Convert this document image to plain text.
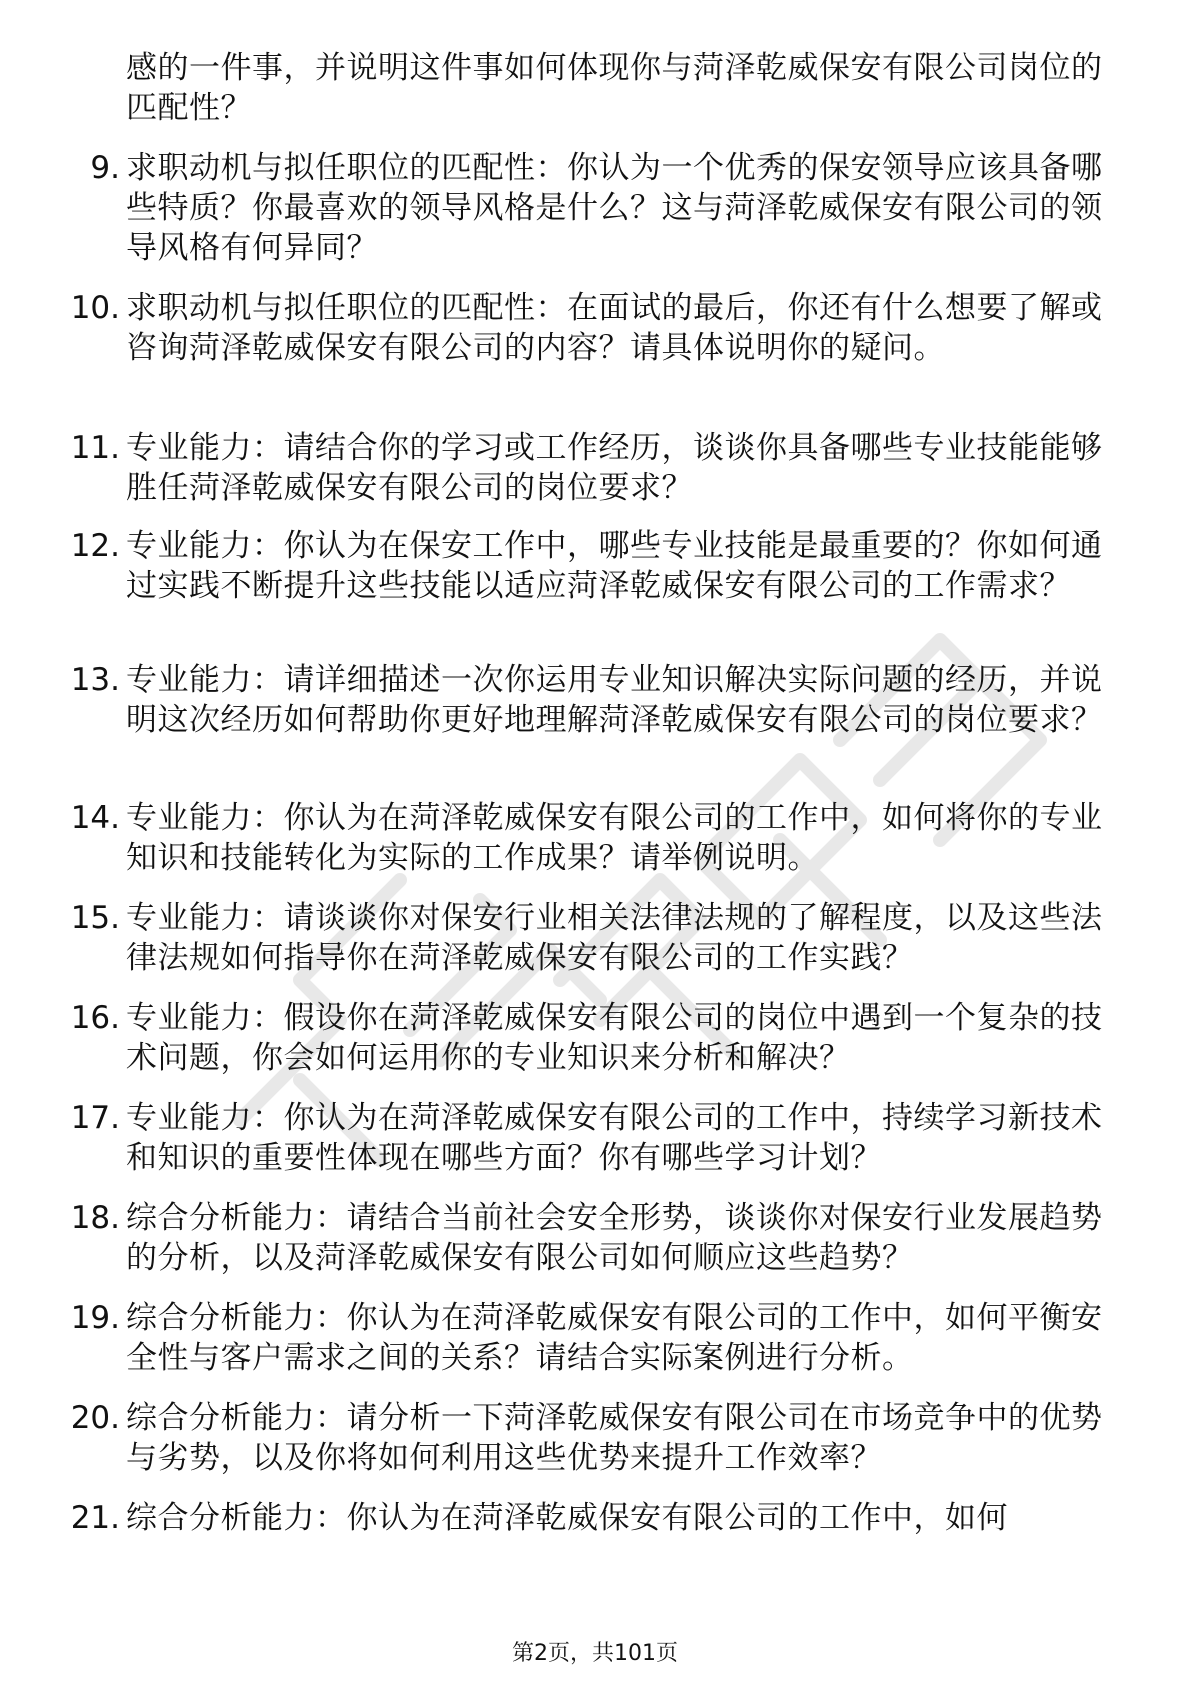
感的一件事，并说明这件事如何体现你与菏泽乾威保安有限公司岗位的匹配性？
9. 求职动机与拟任职位的匹配性：你认为一个优秀的保安领导应该具备哪些特质？你最喜欢的领导风格是什么？这与菏泽乾威保安有限公司的领导风格有何异同？
10. 求职动机与拟任职位的匹配性：在面试的最后，你还有什么想要了解或咨询菏泽乾威保安有限公司的内容？请具体说明你的疑问。
11. 专业能力：请结合你的学习或工作经历，谈谈你具备哪些专业技能能够胜任菏泽乾威保安有限公司的岗位要求？
12. 专业能力：你认为在保安工作中，哪些专业技能是最重要的？你如何通过实践不断提升这些技能以适应菏泽乾威保安有限公司的工作需求？
13. 专业能力：请详细描述一次你运用专业知识解决实际问题的经历，并说明这次经历如何帮助你更好地理解菏泽乾威保安有限公司的岗位要求？
14. 专业能力：你认为在菏泽乾威保安有限公司的工作中，如何将你的专业知识和技能转化为实际的工作成果？请举例说明。
15. 专业能力：请谈谈你对保安行业相关法律法规的了解程度，以及这些法律法规如何指导你在菏泽乾威保安有限公司的工作实践？
16. 专业能力：假设你在菏泽乾威保安有限公司的岗位中遇到一个复杂的技术问题，你会如何运用你的专业知识来分析和解决？
17. 专业能力：你认为在菏泽乾威保安有限公司的工作中，持续学习新技术和知识的重要性体现在哪些方面？你有哪些学习计划？
18. 综合分析能力：请结合当前社会安全形势，谈谈你对保安行业发展趋势的分析，以及菏泽乾威保安有限公司如何顺应这些趋势？
19. 综合分析能力：你认为在菏泽乾威保安有限公司的工作中，如何平衡安全性与客户需求之间的关系？请结合实际案例进行分析。
20. 综合分析能力：请分析一下菏泽乾威保安有限公司在市场竞争中的优势与劣势，以及你将如何利用这些优势来提升工作效率？
21. 综合分析能力：你认为在菏泽乾威保安有限公司的工作中，如何
第2页，共101页
